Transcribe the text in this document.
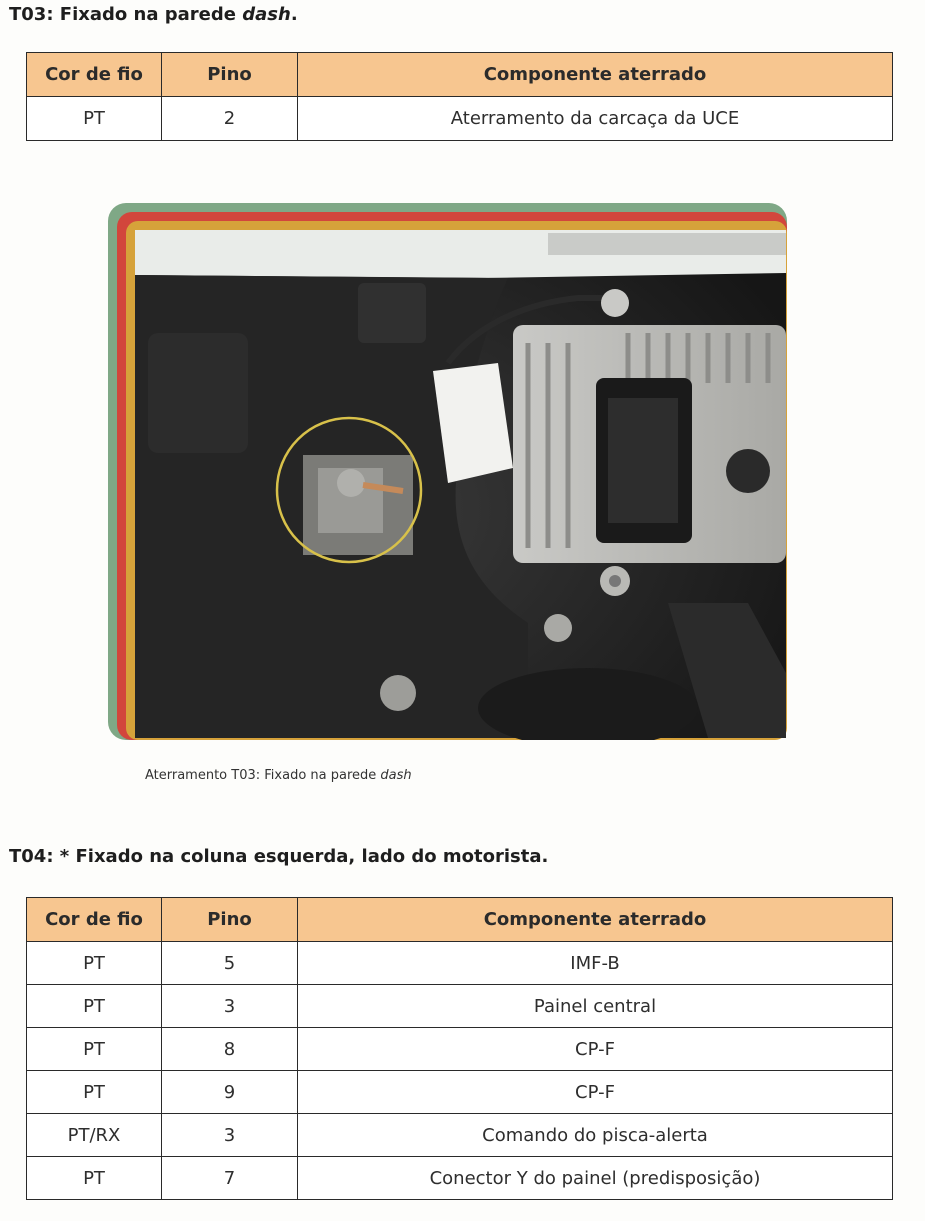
T03: Fixado na parede dash.
Cor de fio	Pino	Componente aterrado
PT	2	Aterramento da carcaça da UCE
Aterramento T03: Fixado na parede dash
T04: * Fixado na coluna esquerda, lado do motorista.
Cor de fio	Pino	Componente aterrado
PT	5	IMF-B
PT	3	Painel central
PT	8	CP-F
PT	9	CP-F
PT/RX	3	Comando do pisca-alerta
PT	7	Conector Y do painel (predisposição)
